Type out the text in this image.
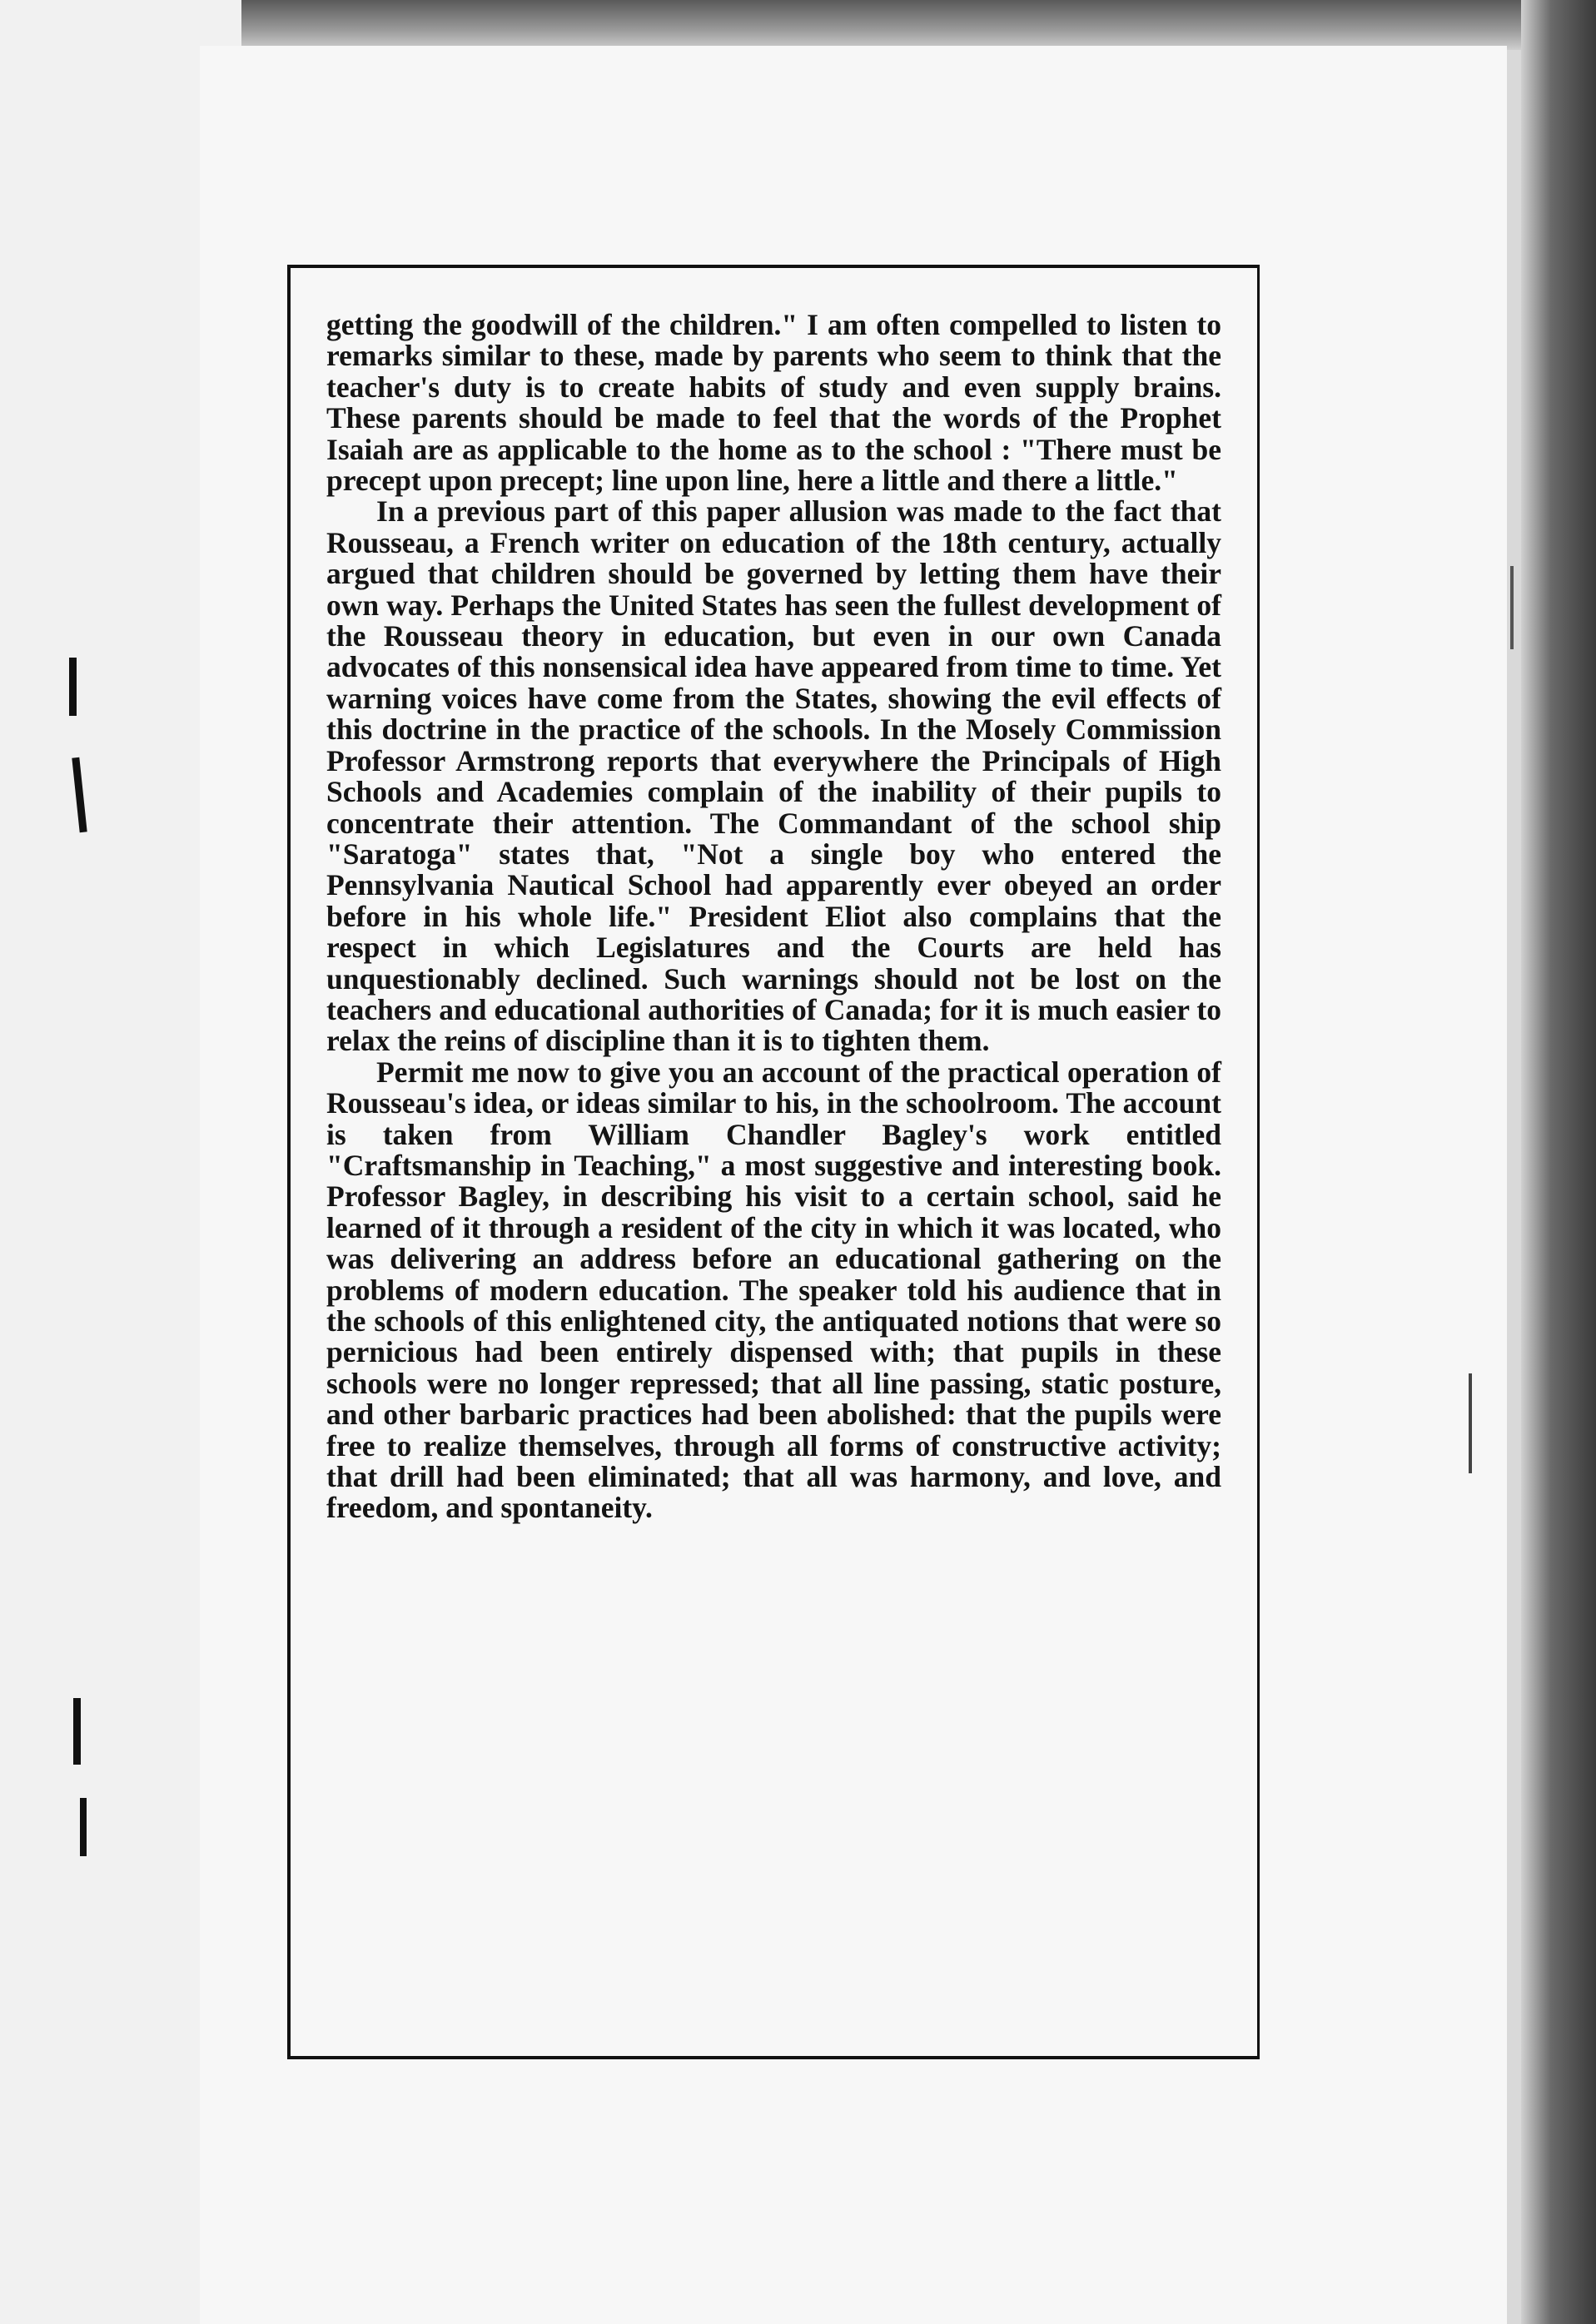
getting the goodwill of the children." I am often compelled to listen to remarks similar to these, made by parents who seem to think that the teacher's duty is to create habits of study and even supply brains. These parents should be made to feel that the words of the Prophet Isaiah are as applicable to the home as to the school : "There must be precept upon precept; line upon line, here a little and there a little."

In a previous part of this paper allusion was made to the fact that Rousseau, a French writer on education of the 18th century, actually argued that children should be governed by letting them have their own way. Perhaps the United States has seen the fullest development of the Rousseau theory in education, but even in our own Canada advocates of this nonsensical idea have appeared from time to time. Yet warning voices have come from the States, showing the evil effects of this doctrine in the practice of the schools. In the Mosely Commission Professor Armstrong reports that everywhere the Principals of High Schools and Academies complain of the inability of their pupils to concentrate their attention. The Commandant of the school ship "Saratoga" states that, "Not a single boy who entered the Pennsylvania Nautical School had apparently ever obeyed an order before in his whole life." President Eliot also complains that the respect in which Legislatures and the Courts are held has unquestionably declined. Such warnings should not be lost on the teachers and educational authorities of Canada; for it is much easier to relax the reins of discipline than it is to tighten them.

Permit me now to give you an account of the practical operation of Rousseau's idea, or ideas similar to his, in the schoolroom. The account is taken from William Chandler Bagley's work entitled "Craftsmanship in Teaching," a most suggestive and interesting book. Professor Bagley, in describing his visit to a certain school, said he learned of it through a resident of the city in which it was located, who was delivering an address before an educational gathering on the problems of modern education. The speaker told his audience that in the schools of this enlightened city, the antiquated notions that were so pernicious had been entirely dispensed with; that pupils in these schools were no longer repressed; that all line passing, static posture, and other barbaric practices had been abolished: that the pupils were free to realize themselves, through all forms of constructive activity; that drill had been eliminated; that all was harmony, and love, and freedom, and spontaneity.
